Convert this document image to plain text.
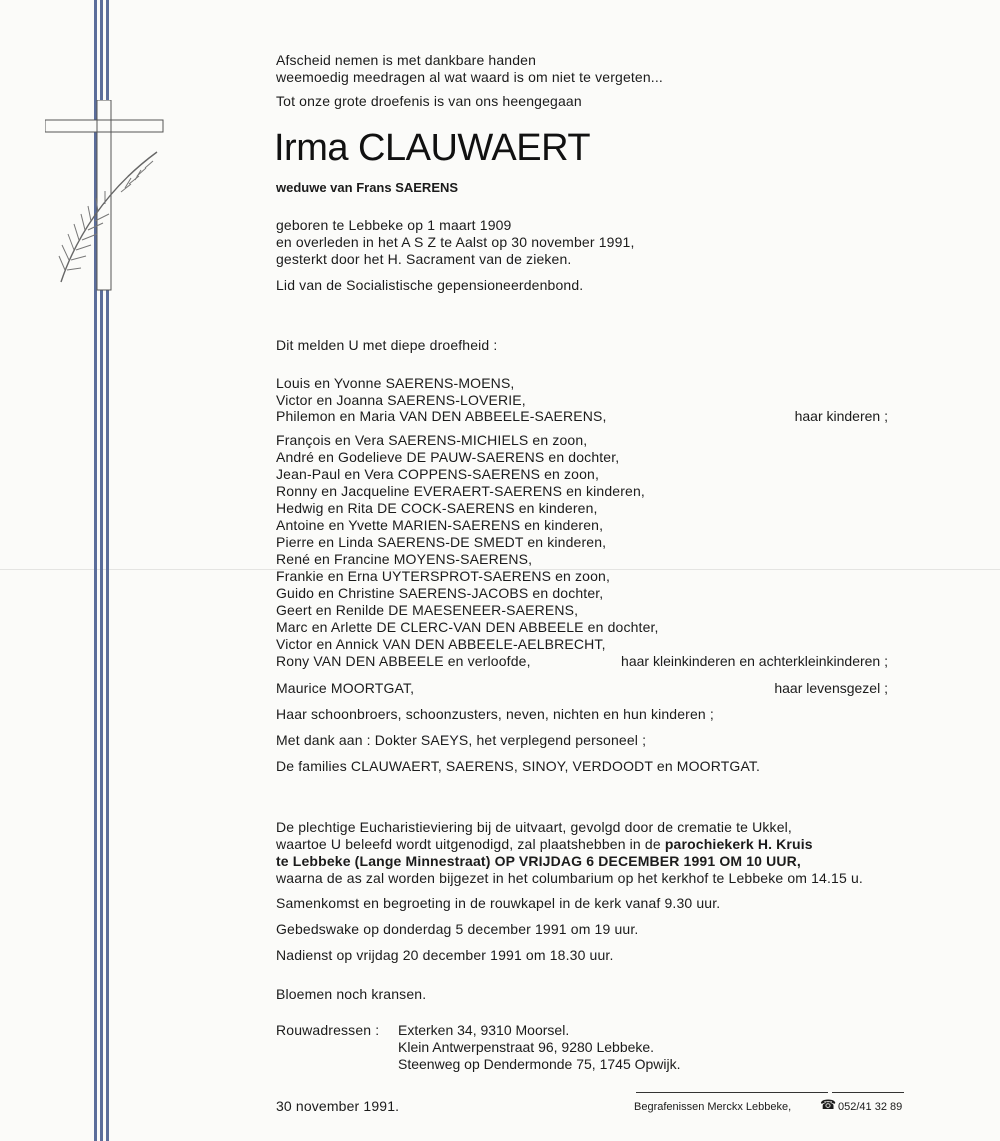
Afscheid nemen is met dankbare handen
weemoedig meedragen al wat waard is om niet te vergeten...
Tot onze grote droefenis is van ons heengegaan
Irma CLAUWAERT
weduwe van Frans SAERENS
geboren te Lebbeke op 1 maart 1909
en overleden in het A S Z te Aalst op 30 november 1991,
gesterkt door het H. Sacrament van de zieken.
Lid van de Socialistische gepensioneerdenbond.
Dit melden U met diepe droefheid :
Louis en Yvonne SAERENS-MOENS,
Victor en Joanna SAERENS-LOVERIE,
Philemon en Maria VAN DEN ABBEELE-SAERENS,	haar kinderen ;
François en Vera SAERENS-MICHIELS en zoon,
André en Godelieve DE PAUW-SAERENS en dochter,
Jean-Paul en Vera COPPENS-SAERENS en zoon,
Ronny en Jacqueline EVERAERT-SAERENS en kinderen,
Hedwig en Rita DE COCK-SAERENS en kinderen,
Antoine en Yvette MARIEN-SAERENS en kinderen,
Pierre en Linda SAERENS-DE SMEDT en kinderen,
René en Francine MOYENS-SAERENS,
Frankie en Erna UYTERSPROT-SAERENS en zoon,
Guido en Christine SAERENS-JACOBS en dochter,
Geert en Renilde DE MAESENEER-SAERENS,
Marc en Arlette DE CLERC-VAN DEN ABBEELE en dochter,
Victor en Annick VAN DEN ABBEELE-AELBRECHT,
Rony VAN DEN ABBEELE en verloofde,	haar kleinkinderen en achterkleinkinderen ;
Maurice MOORTGAT,	haar levensgezel ;
Haar schoonbroers, schoonzusters, neven, nichten en hun kinderen ;
Met dank aan : Dokter SAEYS, het verplegend personeel ;
De families CLAUWAERT, SAERENS, SINOY, VERDOODT en MOORTGAT.
De plechtige Eucharistieviering bij de uitvaart, gevolgd door de crematie te Ukkel,
waartoe U beleefd wordt uitgenodigd, zal plaatshebben in de parochiekerk H. Kruis
te Lebbeke (Lange Minnestraat) OP VRIJDAG 6 DECEMBER 1991 OM 10 UUR,
waarna de as zal worden bijgezet in het columbarium op het kerkhof te Lebbeke om 14.15 u.
Samenkomst en begroeting in de rouwkapel in de kerk vanaf 9.30 uur.
Gebedswake op donderdag 5 december 1991 om 19 uur.
Nadienst op vrijdag 20 december 1991 om 18.30 uur.
Bloemen noch kransen.
Rouwadressen : Exterken 34, 9310 Moorsel.
Klein Antwerpenstraat 96, 9280 Lebbeke.
Steenweg op Dendermonde 75, 1745 Opwijk.
30 november 1991.	Begrafenissen Merckx Lebbeke, ☎ 052/41 32 89
